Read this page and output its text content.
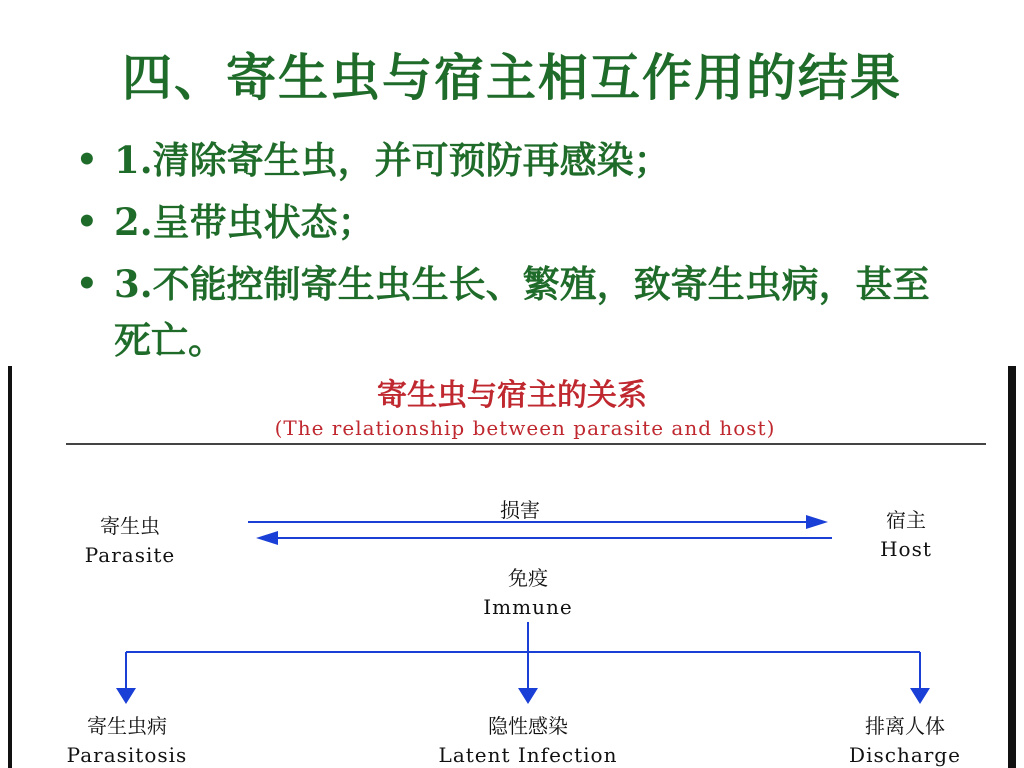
四、寄生虫与宿主相互作用的结果
• 1.清除寄生虫，并可预防再感染；
• 2.呈带虫状态；
• 3.不能控制寄生虫生长、繁殖，致寄生虫病，甚至死亡。
寄生虫与宿主的关系
(The relationship between parasite and host)
寄生虫
Parasite
宿主
Host
损害
免疫
Immune
寄生虫病
Parasitosis
隐性感染
Latent Infection
排离人体
Discharge
